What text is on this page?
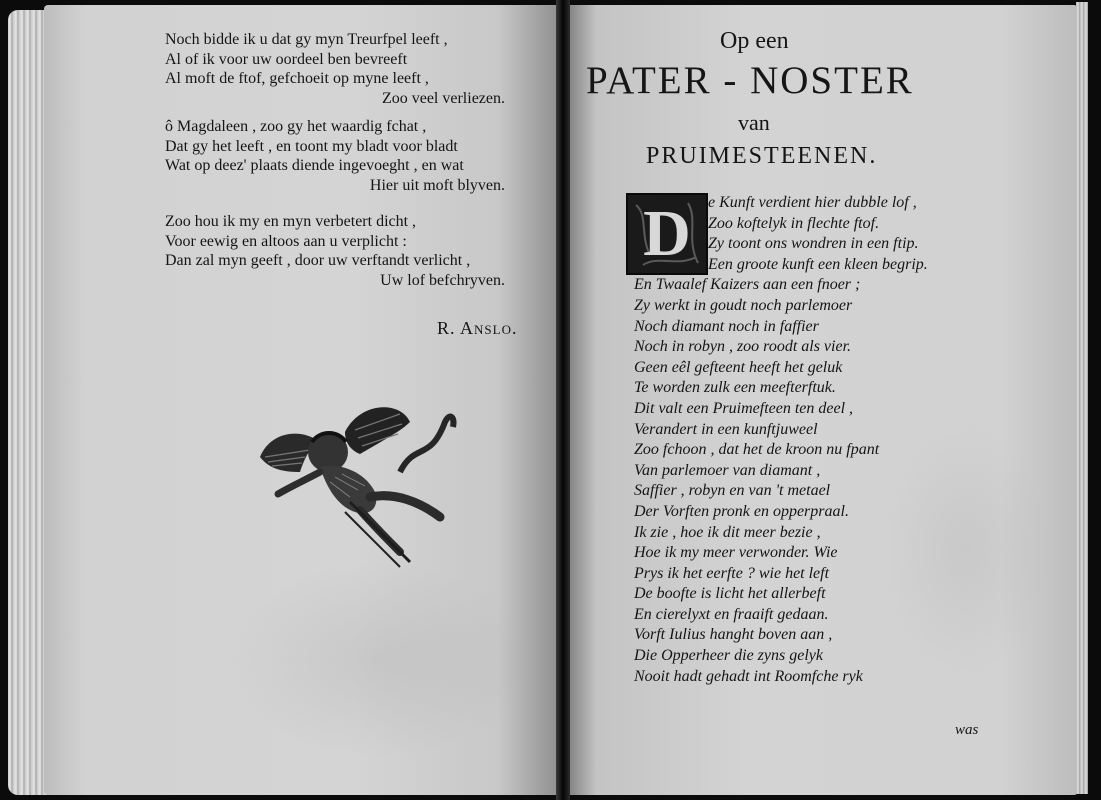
Noch bidde ik u dat gy myn Treurfpel leeft ,
Al of ik voor uw oordeel ben bevreeft
Al moft de ftof, gefchoeit op myne leeft ,
Zoo veel verliezen.
ô Magdaleen , zoo gy het waardig fchat ,
Dat gy het leeft , en toont my bladt voor bladt
Wat op deez' plaats diende ingevoeght , en wat
Hier uit moft blyven.
Zoo hou ik my en myn verbetert dicht ,
Voor eewig en altoos aan u verplicht :
Dan zal myn geeft , door uw verftandt verlicht ,
Uw lof befchryven.
R. Anslo.
Op een
PATER - NOSTER
van
PRUIMESTEENEN.
D	e Kunft verdient hier dubble lof ,
Zoo koftelyk in flechte ftof.
Zy toont ons wondren in een ftip.
Een groote kunft een kleen begrip.
En Twaalef Kaizers aan een fnoer ;
Zy werkt in goudt noch parlemoer
Noch diamant noch in faffier
Noch in robyn , zoo roodt als vier.
Geen eêl gefteent heeft het geluk
Te worden zulk een meefterftuk.
Dit valt een Pruimefteen ten deel ,
Verandert in een kunftjuweel
Zoo fchoon , dat het de kroon nu fpant
Van parlemoer van diamant ,
Saffier , robyn en van 't metael
Der Vorften pronk en opperpraal.
Ik zie , hoe ik dit meer bezie ,
Hoe ik my meer verwonder. Wie
Prys ik het eerfte ? wie het left
De boofte is licht het allerbeft
En cierelyxt en fraaift gedaan.
Vorft Iulius hanght boven aan ,
Die Opperheer die zyns gelyk
Nooit hadt gehadt int Roomfche ryk
was
